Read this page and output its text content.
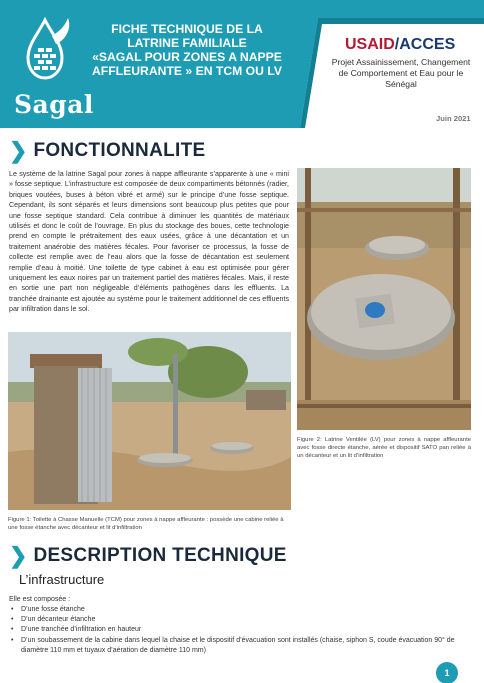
Sagal
FICHE TECHNIQUE DE LA
LATRINE FAMILIALE
«SAGAL POUR ZONES A NAPPE
AFFLEURANTE » EN TCM OU LV
USAID/ACCES
Projet Assainissement, Changement
de Comportement et Eau pour le
Sénégal
Juin 2021
❯ FONCTIONNALITE

Le système de la latrine Sagal pour zones à nappe affleurante s’apparente à une « mini » fosse septique. L’infrastructure est composée de deux compartiments bétonnés (radier, briques voutées, buses à béton vibré et armé) sur le principe d’une fosse septique. Cependant, ils sont séparés et leurs dimensions sont beaucoup plus petites que pour une fosse septique standard. Cela contribue à diminuer les quantités de matériaux utilisés et donc le coût de l’ouvrage. En plus du stockage des boues, cette technologie prend en compte le prétraitement des eaux usées, grâce à une décantation et un traitement anaérobie des matières fécales. Pour favoriser ce processus, la fosse de collecte est remplie avec de l’eau alors que la fosse de décantation est seulement remplie d’eau à moitié. Une toilette de type cabinet à eau est optimisée pour gérer uniquement les eaux noires par un traitement partiel des matières fécales. Mais, il reste en sortie une part non négligeable d’éléments pathogènes dans les effluents. La tranchée drainante est ajoutée au système pour le traitement additionnel de ces effluents par infiltration dans le sol.

Figure 1: Toilette à Chasse Manuelle (TCM) pour zones à nappe affleurante : possède une cabine reliée à une fosse étanche avec décanteur et lit d’infiltration
Figure 2: Latrine Ventilée (LV) pour zones à nappe affleurante avec fosse directe étanche, aérée et dispositif SATO pan reliée à un décanteur et un lit d’infiltration
❯ DESCRIPTION TECHNIQUE
L’infrastructure
Elle est composée :
• D’une fosse étanche
• D’un décanteur étanche
• D’une tranchée d’infiltration en hauteur
• D’un soubassement de la cabine dans lequel la chaise et le dispositif d’évacuation sont installés (chaise, siphon S, coude évacuation 90° de diamètre 110 mm et tuyaux d’aération de diamètre 110 mm)
1
